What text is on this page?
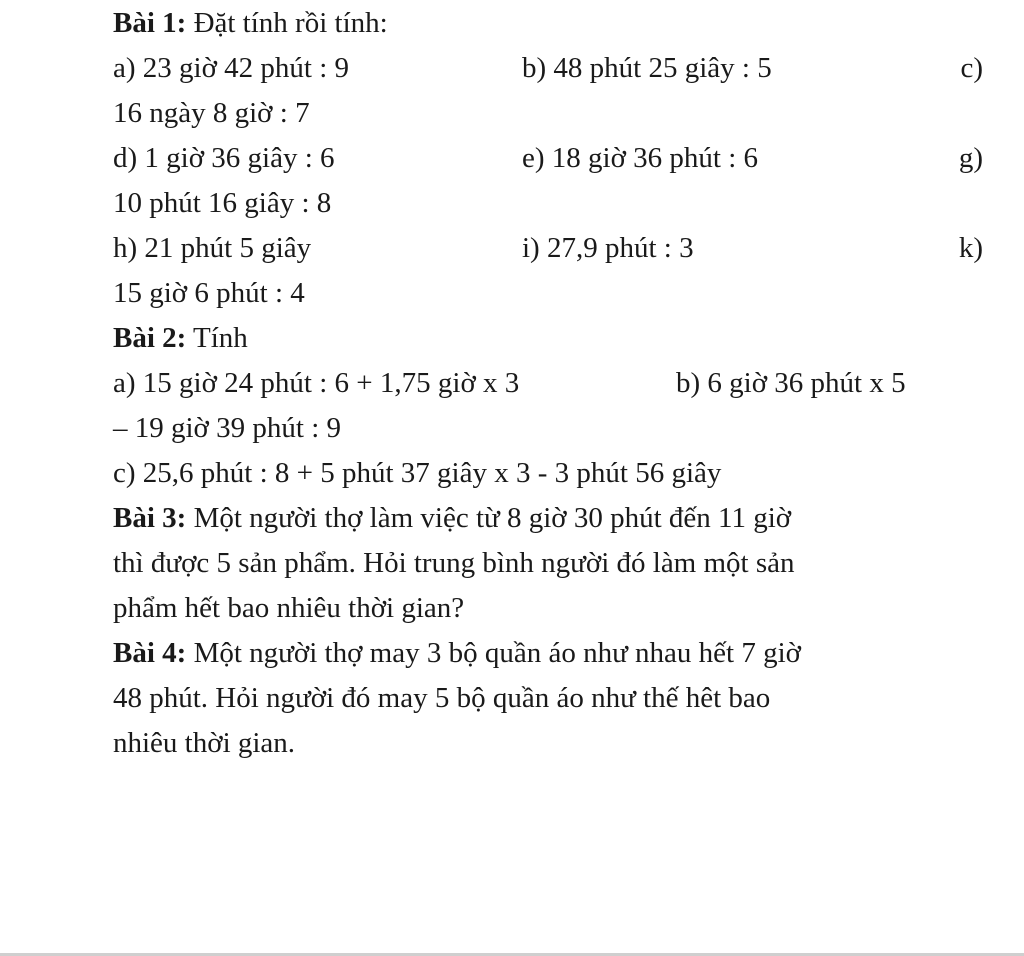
Bài 1: Đặt tính rồi tính:
a) 23 giờ 42 phút : 9	b) 48 phút 25 giây : 5	c)
16 ngày 8 giờ : 7
d) 1 giờ 36 giây : 6	e) 18 giờ 36 phút : 6	g)
10 phút 16 giây : 8
h) 21 phút 5 giây	i) 27,9 phút : 3	k)
15 giờ 6 phút : 4
Bài 2: Tính
a) 15 giờ 24 phút : 6 + 1,75 giờ x 3	b) 6 giờ 36 phút x 5
– 19 giờ 39 phút : 9
c) 25,6 phút : 8 + 5 phút 37 giây x 3 - 3 phút 56 giây
Bài 3: Một người thợ làm việc từ 8 giờ 30 phút đến 11 giờ
thì được 5 sản phẩm. Hỏi trung bình người đó làm một sản
phẩm hết bao nhiêu thời gian?
Bài 4: Một người thợ may 3 bộ quần áo như nhau hết 7 giờ
48 phút. Hỏi người đó may 5 bộ quần áo như thế hêt bao
nhiêu thời gian.
